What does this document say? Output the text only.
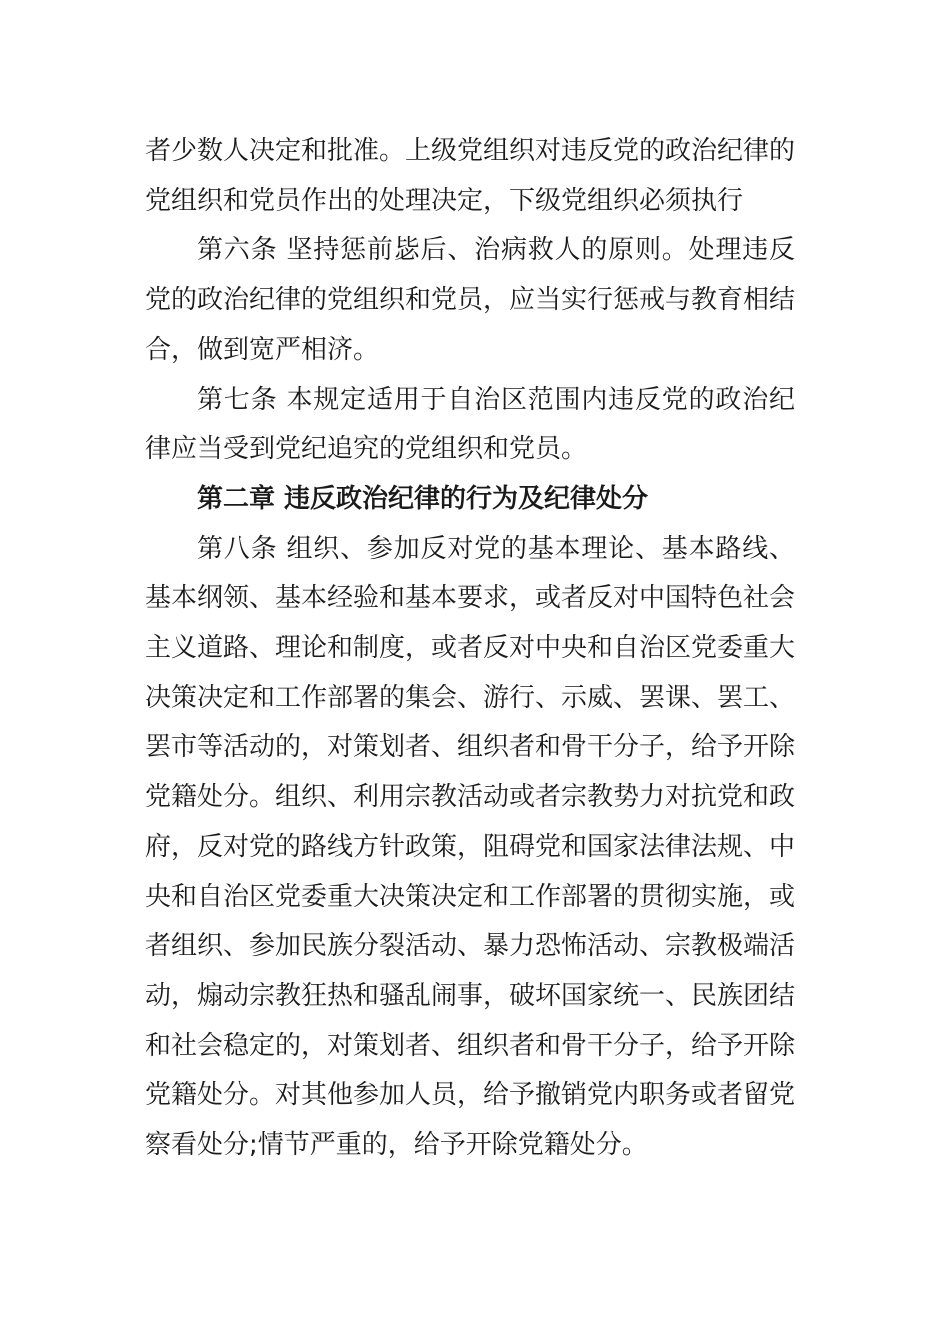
者少数人决定和批准。上级党组织对违反党的政治纪律的党组织和党员作出的处理决定，下级党组织必须执行

第六条 坚持惩前毖后、治病救人的原则。处理违反党的政治纪律的党组织和党员，应当实行惩戒与教育相结合，做到宽严相济。

第七条 本规定适用于自治区范围内违反党的政治纪律应当受到党纪追究的党组织和党员。

第二章 违反政治纪律的行为及纪律处分

第八条 组织、参加反对党的基本理论、基本路线、基本纲领、基本经验和基本要求，或者反对中国特色社会主义道路、理论和制度，或者反对中央和自治区党委重大决策决定和工作部署的集会、游行、示威、罢课、罢工、罢市等活动的，对策划者、组织者和骨干分子，给予开除党籍处分。组织、利用宗教活动或者宗教势力对抗党和政府，反对党的路线方针政策，阻碍党和国家法律法规、中央和自治区党委重大决策决定和工作部署的贯彻实施，或者组织、参加民族分裂活动、暴力恐怖活动、宗教极端活动，煽动宗教狂热和骚乱闹事，破坏国家统一、民族团结和社会稳定的，对策划者、组织者和骨干分子，给予开除党籍处分。对其他参加人员，给予撤销党内职务或者留党察看处分;情节严重的，给予开除党籍处分。
